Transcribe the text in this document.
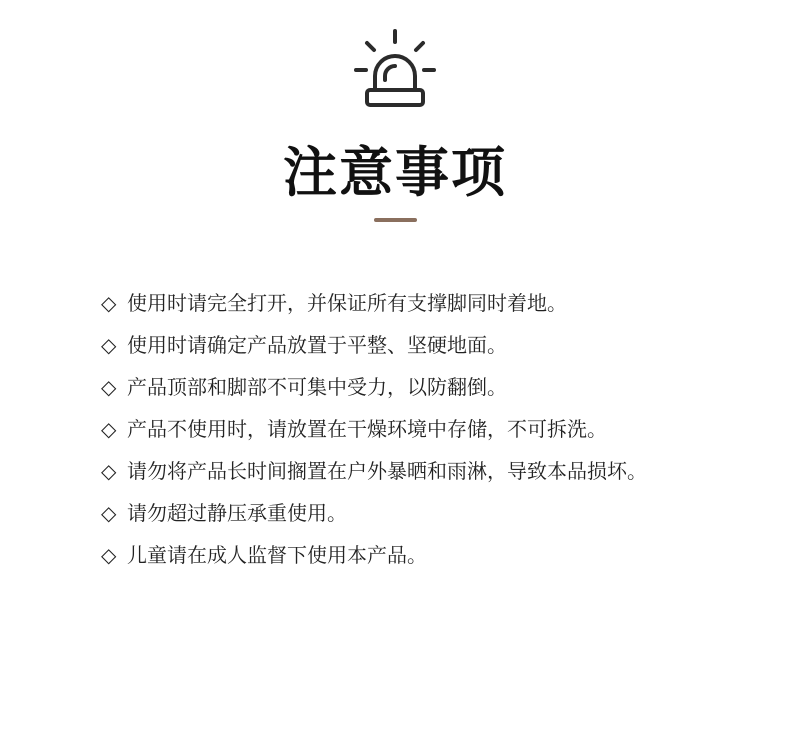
注意事项
◇ 使用时请完全打开，并保证所有支撑脚同时着地。
◇ 使用时请确定产品放置于平整、坚硬地面。
◇ 产品顶部和脚部不可集中受力，以防翻倒。
◇ 产品不使用时，请放置在干燥环境中存储，不可拆洗。
◇ 请勿将产品长时间搁置在户外暴晒和雨淋，导致本品损坏。
◇ 请勿超过静压承重使用。
◇ 儿童请在成人监督下使用本产品。
